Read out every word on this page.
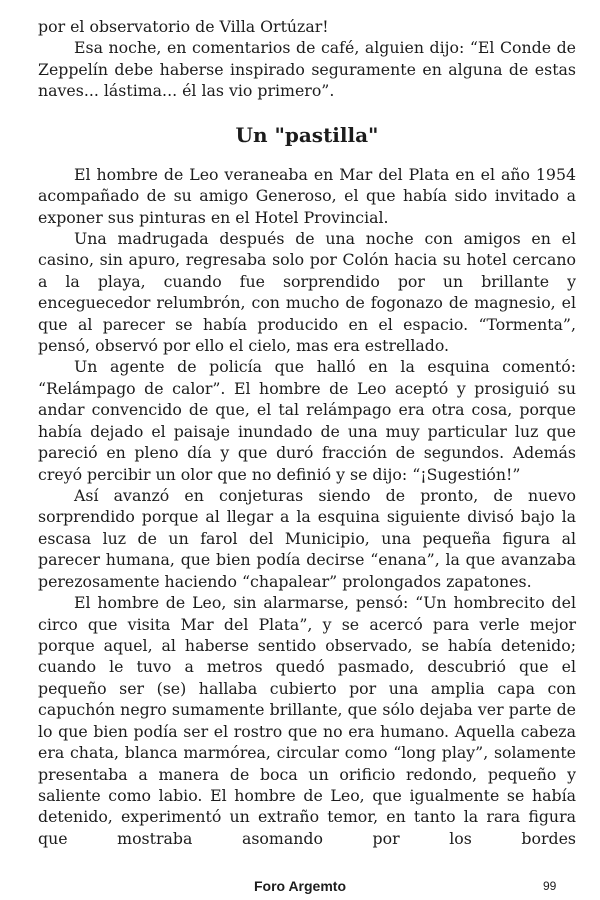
por el observatorio de Villa Ortúzar!

Esa noche, en comentarios de café, alguien dijo: “El Conde de Zeppelín debe haberse inspirado seguramente en alguna de estas naves... lástima... él las vio primero”.

Un "pastilla"

El hombre de Leo veraneaba en Mar del Plata en el año 1954 acompañado de su amigo Generoso, el que había sido invitado a exponer sus pinturas en el Hotel Provincial.

Una madrugada después de una noche con amigos en el casino, sin apuro, regresaba solo por Colón hacia su hotel cercano a la playa, cuando fue sorprendido por un brillante y enceguecedor relumbrón, con mucho de fogonazo de magnesio, el que al parecer se había producido en el espacio. “Tormenta”, pensó, observó por ello el cielo, mas era estrellado.

Un agente de policía que halló en la esquina comentó: “Relámpago de calor”. El hombre de Leo aceptó y prosiguió su andar convencido de que, el tal relámpago era otra cosa, porque había dejado el paisaje inundado de una muy particular luz que pareció en pleno día y que duró fracción de segundos. Además creyó percibir un olor que no definió y se dijo: “¡Sugestión!”

Así avanzó en conjeturas siendo de pronto, de nuevo sorprendido porque al llegar a la esquina siguiente divisó bajo la escasa luz de un farol del Municipio, una pequeña figura al parecer humana, que bien podía decirse “enana”, la que avanzaba perezosamente haciendo “chapalear” prolongados zapatones.

El hombre de Leo, sin alarmarse, pensó: “Un hombrecito del circo que visita Mar del Plata”, y se acercó para verle mejor porque aquel, al haberse sentido observado, se había detenido; cuando le tuvo a metros quedó pasmado, descubrió que el pequeño ser (se) hallaba cubierto por una amplia capa con capuchón negro sumamente brillante, que sólo dejaba ver parte de lo que bien podía ser el rostro que no era humano. Aquella cabeza era chata, blanca marmórea, circular como “long play”, solamente presentaba a manera de boca un orificio redondo, pequeño y saliente como labio. El hombre de Leo, que igualmente se había detenido, experimentó un extraño temor, en tanto la rara figura que mostraba asomando por los bordes

Foro Argemto	99
